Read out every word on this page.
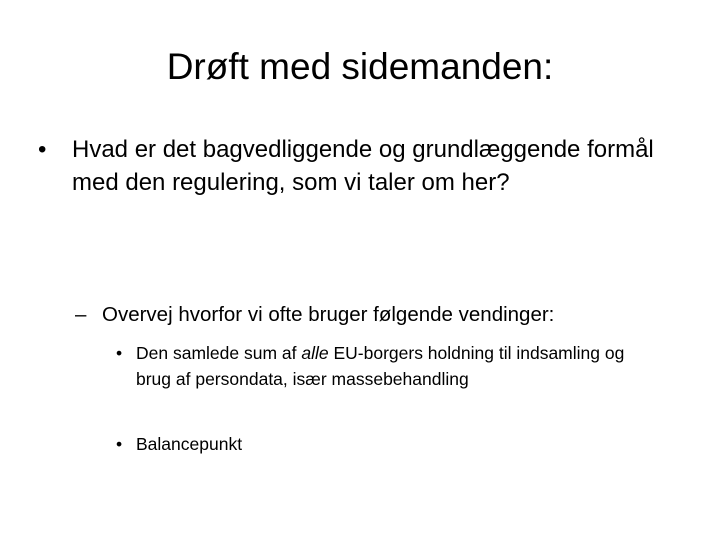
Drøft med sidemanden:
•	Hvad er det bagvedliggende og grundlæggende formål med den regulering, som vi taler om her?
– Overvej hvorfor vi ofte bruger følgende vendinger:
• Den samlede sum af alle EU-borgers holdning til indsamling og brug af persondata, især massebehandling
• Balancepunkt
